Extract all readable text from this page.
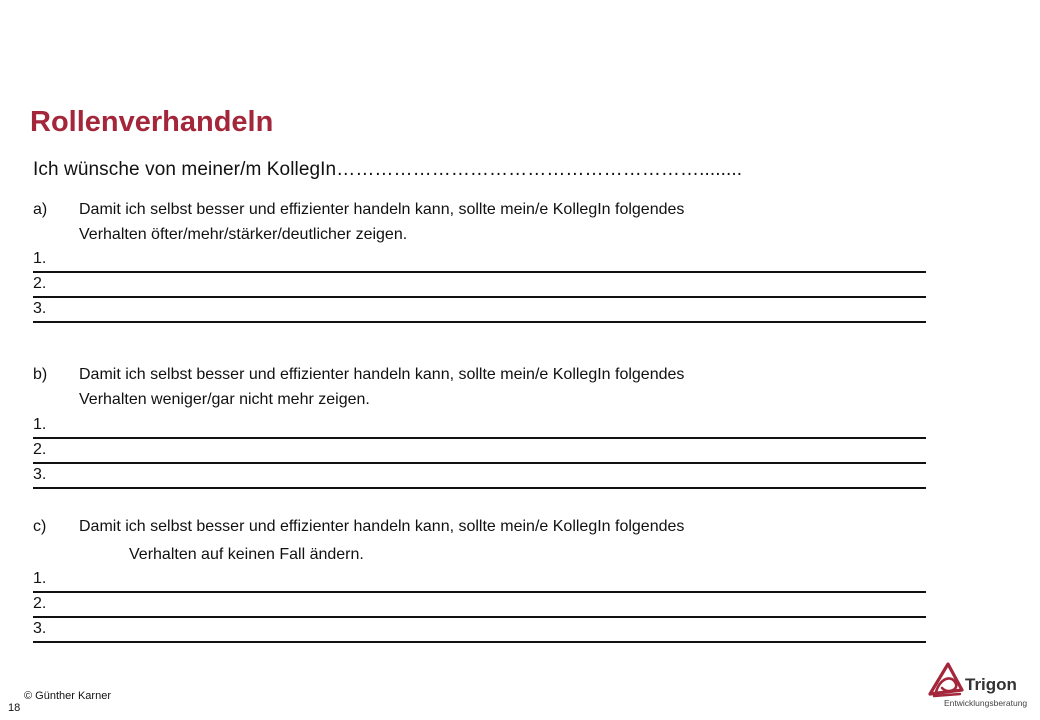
Rollenverhandeln
Ich wünsche von meiner/m KollegIn…………………………………………………........
a) Damit ich selbst besser und effizienter handeln kann, sollte mein/e KollegIn folgendes
Verhalten öfter/mehr/stärker/deutlicher zeigen.
1.
2.
3.
b) Damit ich selbst besser und effizienter handeln kann, sollte mein/e KollegIn folgendes
Verhalten weniger/gar nicht mehr zeigen.
1.
2.
3.
c) Damit ich selbst besser und effizienter handeln kann, sollte mein/e KollegIn folgendes
Verhalten auf keinen Fall ändern.
1.
2.
3.
© Günther Karner
18
Trigon
Entwicklungsberatung
